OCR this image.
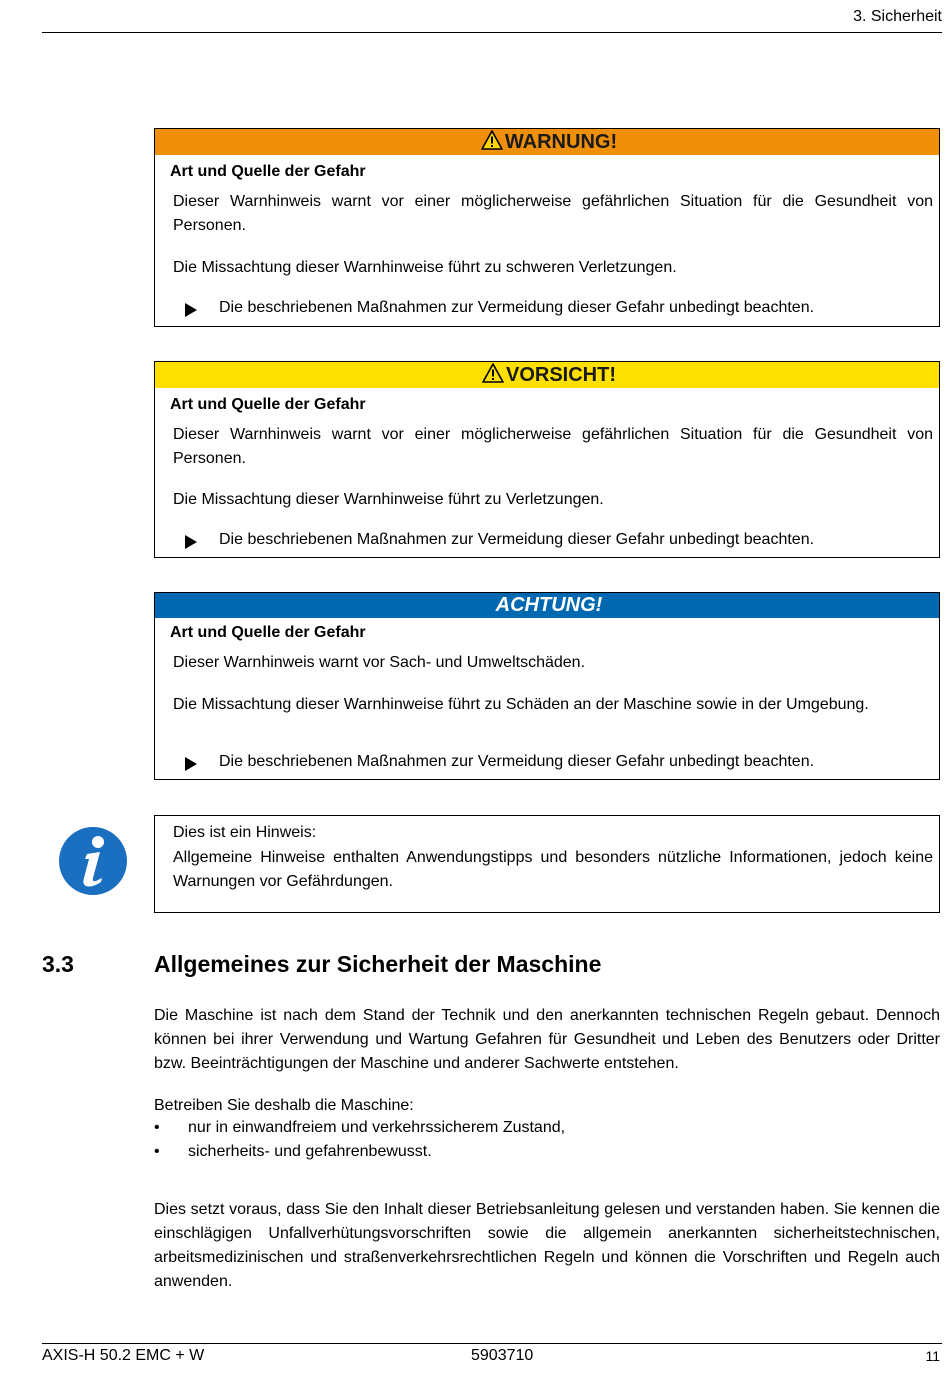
3. Sicherheit
WARNUNG!
Art und Quelle der Gefahr
Dieser Warnhinweis warnt vor einer möglicherweise gefährlichen Situation für die Gesundheit von Personen.
Die Missachtung dieser Warnhinweise führt zu schweren Verletzungen.
Die beschriebenen Maßnahmen zur Vermeidung dieser Gefahr unbedingt beachten.
VORSICHT!
Art und Quelle der Gefahr
Dieser Warnhinweis warnt vor einer möglicherweise gefährlichen Situation für die Gesundheit von Personen.
Die Missachtung dieser Warnhinweise führt zu Verletzungen.
Die beschriebenen Maßnahmen zur Vermeidung dieser Gefahr unbedingt beachten.
ACHTUNG!
Art und Quelle der Gefahr
Dieser Warnhinweis warnt vor Sach- und Umweltschäden.
Die Missachtung dieser Warnhinweise führt zu Schäden an der Maschine sowie in der Umgebung.
Die beschriebenen Maßnahmen zur Vermeidung dieser Gefahr unbedingt beachten.
Dies ist ein Hinweis:
Allgemeine Hinweise enthalten Anwendungstipps und besonders nützliche Informationen, jedoch keine Warnungen vor Gefährdungen.
3.3	Allgemeines zur Sicherheit der Maschine
Die Maschine ist nach dem Stand der Technik und den anerkannten technischen Regeln gebaut. Dennoch können bei ihrer Verwendung und Wartung Gefahren für Gesundheit und Leben des Benutzers oder Dritter bzw. Beeinträchtigungen der Maschine und anderer Sachwerte entstehen.
Betreiben Sie deshalb die Maschine:
• nur in einwandfreiem und verkehrssicherem Zustand,
• sicherheits- und gefahrenbewusst.
Dies setzt voraus, dass Sie den Inhalt dieser Betriebsanleitung gelesen und verstanden haben. Sie kennen die einschlägigen Unfallverhütungsvorschriften sowie die allgemein anerkannten sicherheitstechnischen, arbeitsmedizinischen und straßenverkehrsrechtlichen Regeln und können die Vorschriften und Regeln auch anwenden.
AXIS-H 50.2 EMC + W	5903710	11
